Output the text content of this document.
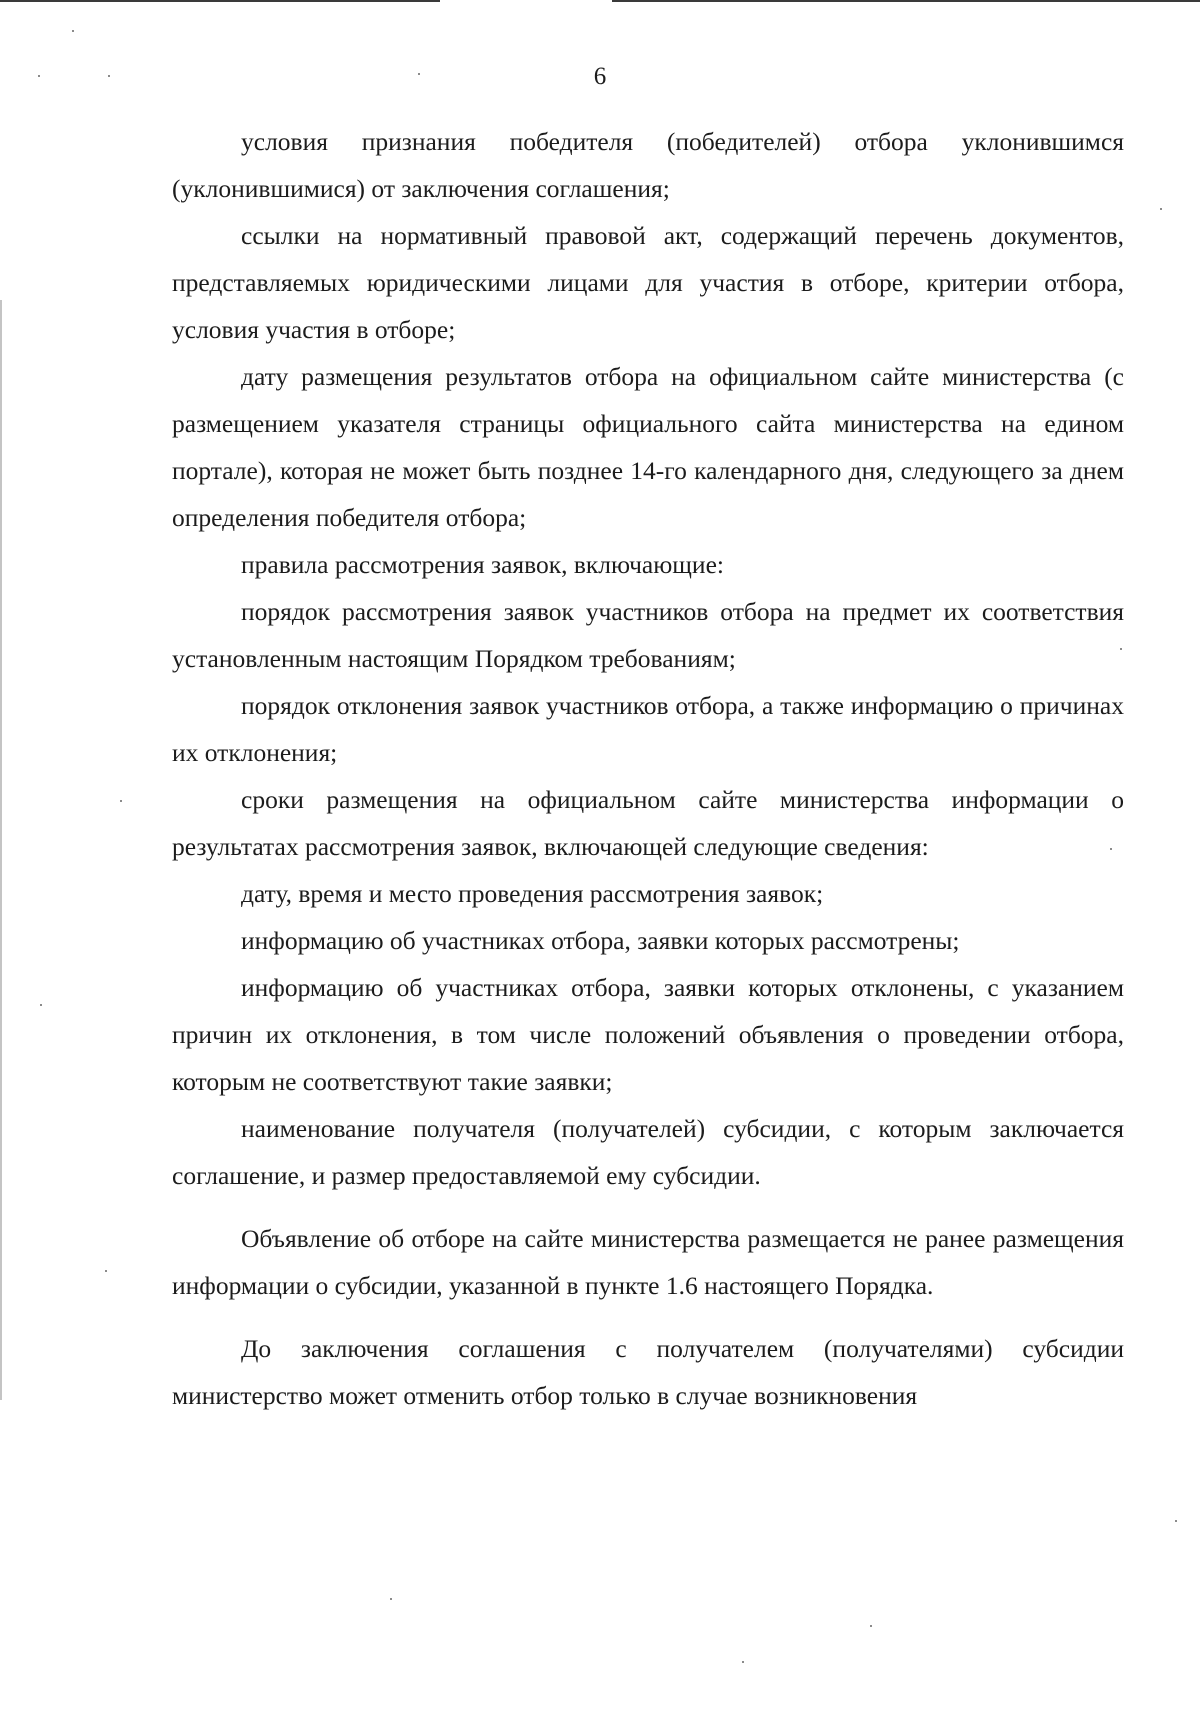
6

условия признания победителя (победителей) отбора уклонившимся (уклонившимися) от заключения соглашения;

ссылки на нормативный правовой акт, содержащий перечень документов, представляемых юридическими лицами для участия в отборе, критерии отбора, условия участия в отборе;

дату размещения результатов отбора на официальном сайте министерства (с размещением указателя страницы официального сайта министерства на едином портале), которая не может быть позднее 14-го календарного дня, следующего за днем определения победителя отбора;

правила рассмотрения заявок, включающие:

порядок рассмотрения заявок участников отбора на предмет их соответствия установленным настоящим Порядком требованиям;

порядок отклонения заявок участников отбора, а также информацию о причинах их отклонения;

сроки размещения на официальном сайте министерства информации о результатах рассмотрения заявок, включающей следующие сведения:

дату, время и место проведения рассмотрения заявок;

информацию об участниках отбора, заявки которых рассмотрены;

информацию об участниках отбора, заявки которых отклонены, с указанием причин их отклонения, в том числе положений объявления о проведении отбора, которым не соответствуют такие заявки;

наименование получателя (получателей) субсидии, с которым заключается соглашение, и размер предоставляемой ему субсидии.

Объявление об отборе на сайте министерства размещается не ранее размещения информации о субсидии, указанной в пункте 1.6 настоящего Порядка.

До заключения соглашения с получателем (получателями) субсидии министерство может отменить отбор только в случае возникновения
